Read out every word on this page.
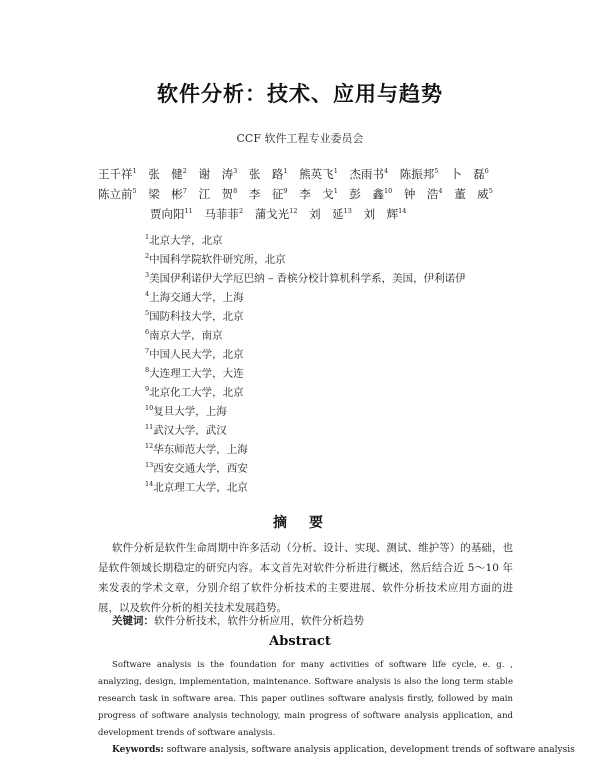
软件分析：技术、应用与趋势
CCF 软件工程专业委员会
王千祥$^1$ 张　健$^2$ 谢　涛$^3$ 张　路$^1$ 熊英飞$^1$ 杰雨书$^4$ 陈振邦$^5$ 卜　磊$^6$
陈立前$^5$ 梁　彬$^7$ 江　贺$^8$ 李　征$^9$ 李　戈$^1$ 彭　鑫$^{10}$ 钟　浩$^4$ 董　威$^5$
贾向阳$^{11}$ 马菲菲$^2$ 蒲戈光$^{12}$ 刘　延$^{13}$ 刘　辉$^{14}$
$^1$北京大学，北京
$^2$中国科学院软件研究所，北京
$^3$美国伊利诺伊大学厄巴纳 – 香槟分校计算机科学系，美国，伊利诺伊
$^4$上海交通大学，上海
$^5$国防科技大学，北京
$^6$南京大学，南京
$^7$中国人民大学，北京
$^8$大连理工大学，大连
$^9$北京化工大学，北京
$^{10}$复旦大学，上海
$^{11}$武汉大学，武汉
$^{12}$华东师范大学，上海
$^{13}$西安交通大学，西安
$^{14}$北京理工大学，北京
摘　要

软件分析是软件生命周期中许多活动（分析、设计、实现、测试、维护等）的基础，也是软件领域长期稳定的研究内容。本文首先对软件分析进行概述，然后结合近 5～10 年来发表的学术文章，分别介绍了软件分析技术的主要进展、软件分析技术应用方面的进展，以及软件分析的相关技术发展趋势。

关键词：软件分析技术，软件分析应用，软件分析趋势
Abstract

Software analysis is the foundation for many activities of software life cycle, e. g. , analyzing, design, implementation, maintenance. Software analysis is also the long term stable research task in software area. This paper outlines software analysis firstly, followed by main progress of software analysis technology, main progress of software analysis application, and development trends of software analysis.

Keywords: software analysis, software analysis application, development trends of software analysis
